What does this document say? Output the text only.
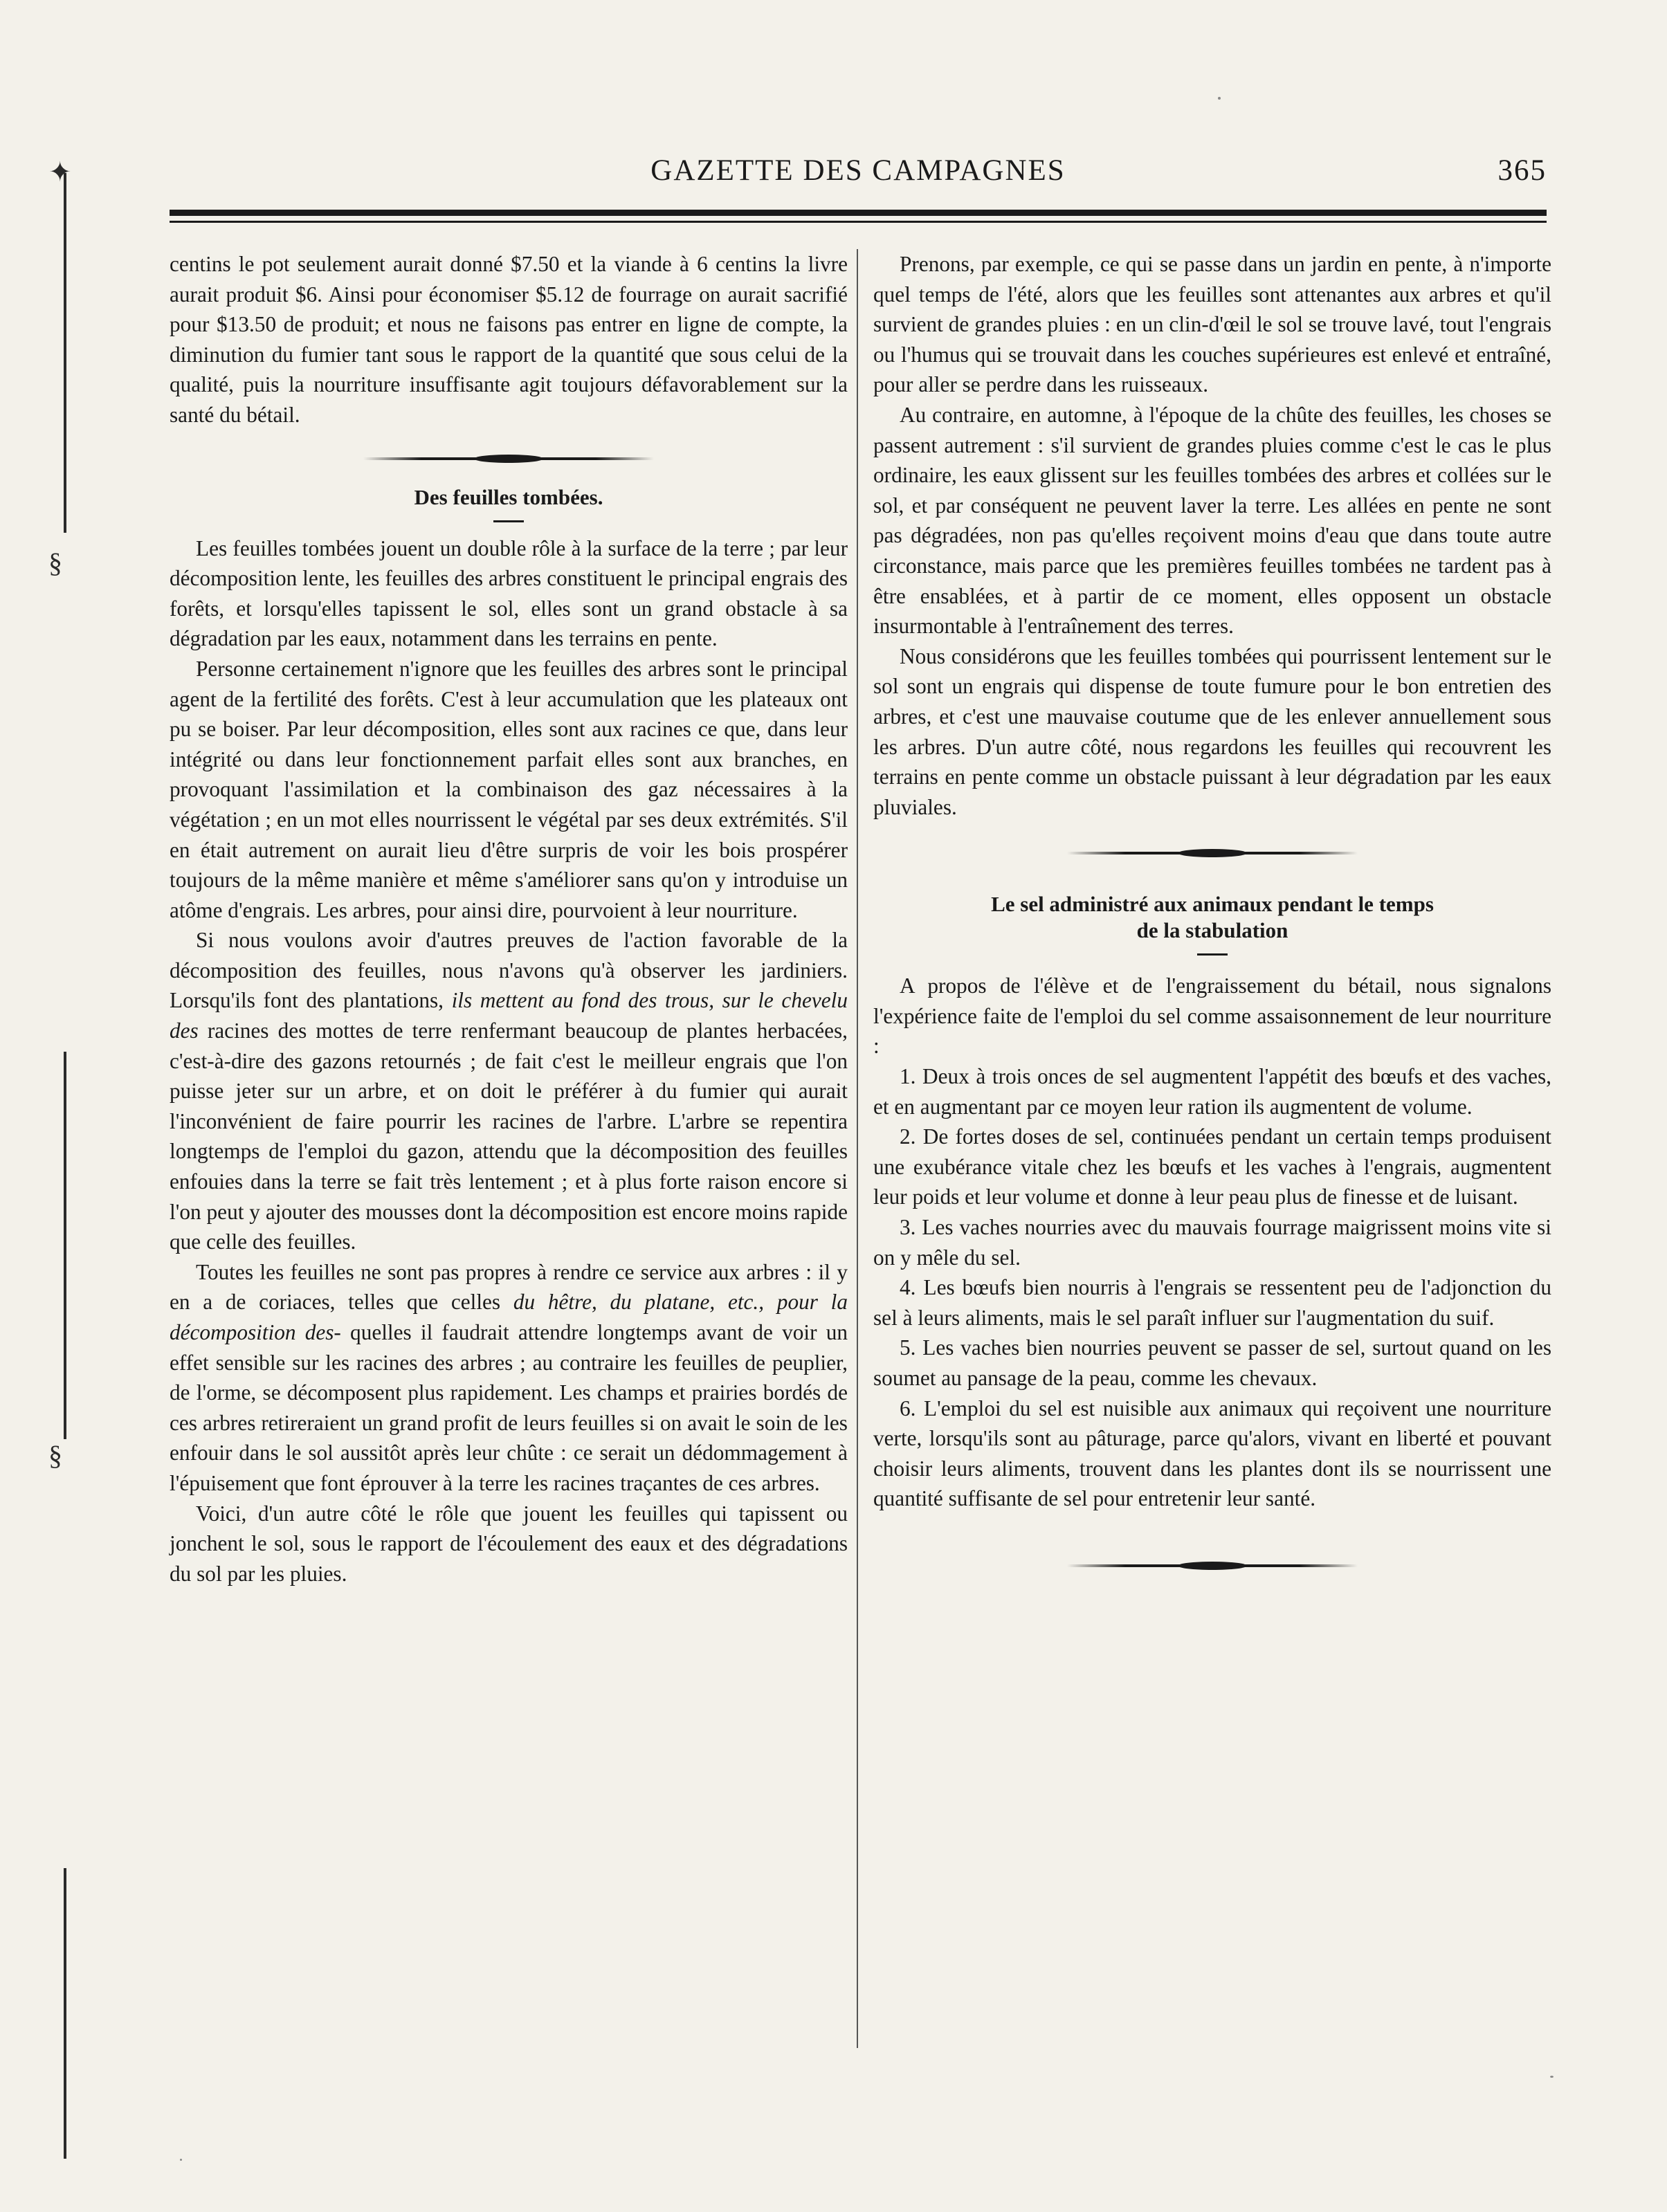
✦
§
§
GAZETTE DES CAMPAGNES	365

centins le pot seulement aurait donné $7.50 et la viande à 6 centins la livre aurait produit $6. Ainsi pour économiser $5.12 de fourrage on aurait sacrifié pour $13.50 de produit; et nous ne faisons pas entrer en ligne de compte, la diminution du fumier tant sous le rapport de la quantité que sous celui de la qualité, puis la nourriture insuffisante agit toujours défavorablement sur la santé du bétail.

Des feuilles tombées.

Les feuilles tombées jouent un double rôle à la surface de la terre ; par leur décomposition lente, les feuilles des arbres constituent le principal engrais des forêts, et lorsqu'elles tapissent le sol, elles sont un grand obstacle à sa dégradation par les eaux, notamment dans les terrains en pente.

Personne certainement n'ignore que les feuilles des arbres sont le principal agent de la fertilité des forêts. C'est à leur accumulation que les plateaux ont pu se boiser. Par leur décomposition, elles sont aux racines ce que, dans leur intégrité ou dans leur fonctionnement parfait elles sont aux branches, en provoquant l'assimilation et la combinaison des gaz nécessaires à la végétation ; en un mot elles nourrissent le végétal par ses deux extrémités. S'il en était autrement on aurait lieu d'être surpris de voir les bois prospérer toujours de la même manière et même s'améliorer sans qu'on y introduise un atôme d'engrais. Les arbres, pour ainsi dire, pourvoient à leur nourriture.

Si nous voulons avoir d'autres preuves de l'action favorable de la décomposition des feuilles, nous n'avons qu'à observer les jardiniers. Lorsqu'ils font des plantations, ils mettent au fond des trous, sur le chevelu des racines des mottes de terre renfermant beaucoup de plantes herbacées, c'est-à-dire des gazons retournés ; de fait c'est le meilleur engrais que l'on puisse jeter sur un arbre, et on doit le préférer à du fumier qui aurait l'inconvénient de faire pourrir les racines de l'arbre. L'arbre se repentira longtemps de l'emploi du gazon, attendu que la décomposition des feuilles enfouies dans la terre se fait très lentement ; et à plus forte raison encore si l'on peut y ajouter des mousses dont la décomposition est encore moins rapide que celle des feuilles.

Toutes les feuilles ne sont pas propres à rendre ce service aux arbres : il y en a de coriaces, telles que celles du hêtre, du platane, etc., pour la décomposition des- quelles il faudrait attendre longtemps avant de voir un effet sensible sur les racines des arbres ; au contraire les feuilles de peuplier, de l'orme, se décomposent plus rapidement. Les champs et prairies bordés de ces arbres retireraient un grand profit de leurs feuilles si on avait le soin de les enfouir dans le sol aussitôt après leur chûte : ce serait un dédommagement à l'épuisement que font éprouver à la terre les racines traçantes de ces arbres.

Voici, d'un autre côté le rôle que jouent les feuilles qui tapissent ou jonchent le sol, sous le rapport de l'écoulement des eaux et des dégradations du sol par les pluies.

Prenons, par exemple, ce qui se passe dans un jardin en pente, à n'importe quel temps de l'été, alors que les feuilles sont attenantes aux arbres et qu'il survient de grandes pluies : en un clin-d'œil le sol se trouve lavé, tout l'engrais ou l'humus qui se trouvait dans les couches supérieures est enlevé et entraîné, pour aller se perdre dans les ruisseaux.

Au contraire, en automne, à l'époque de la chûte des feuilles, les choses se passent autrement : s'il survient de grandes pluies comme c'est le cas le plus ordinaire, les eaux glissent sur les feuilles tombées des arbres et collées sur le sol, et par conséquent ne peuvent laver la terre. Les allées en pente ne sont pas dégradées, non pas qu'elles reçoivent moins d'eau que dans toute autre circonstance, mais parce que les premières feuilles tombées ne tardent pas à être ensablées, et à partir de ce moment, elles opposent un obstacle insurmontable à l'entraînement des terres.

Nous considérons que les feuilles tombées qui pourrissent lentement sur le sol sont un engrais qui dispense de toute fumure pour le bon entretien des arbres, et c'est une mauvaise coutume que de les enlever annuellement sous les arbres. D'un autre côté, nous regardons les feuilles qui recouvrent les terrains en pente comme un obstacle puissant à leur dégradation par les eaux pluviales.

Le sel administré aux animaux pendant le temps
de la stabulation

A propos de l'élève et de l'engraissement du bétail, nous signalons l'expérience faite de l'emploi du sel comme assaisonnement de leur nourriture :

1. Deux à trois onces de sel augmentent l'appétit des bœufs et des vaches, et en augmentant par ce moyen leur ration ils augmentent de volume.

2. De fortes doses de sel, continuées pendant un certain temps produisent une exubérance vitale chez les bœufs et les vaches à l'engrais, augmentent leur poids et leur volume et donne à leur peau plus de finesse et de luisant.

3. Les vaches nourries avec du mauvais fourrage maigrissent moins vite si on y mêle du sel.

4. Les bœufs bien nourris à l'engrais se ressentent peu de l'adjonction du sel à leurs aliments, mais le sel paraît influer sur l'augmentation du suif.

5. Les vaches bien nourries peuvent se passer de sel, surtout quand on les soumet au pansage de la peau, comme les chevaux.

6. L'emploi du sel est nuisible aux animaux qui reçoivent une nourriture verte, lorsqu'ils sont au pâturage, parce qu'alors, vivant en liberté et pouvant choisir leurs aliments, trouvent dans les plantes dont ils se nourrissent une quantité suffisante de sel pour entretenir leur santé.
